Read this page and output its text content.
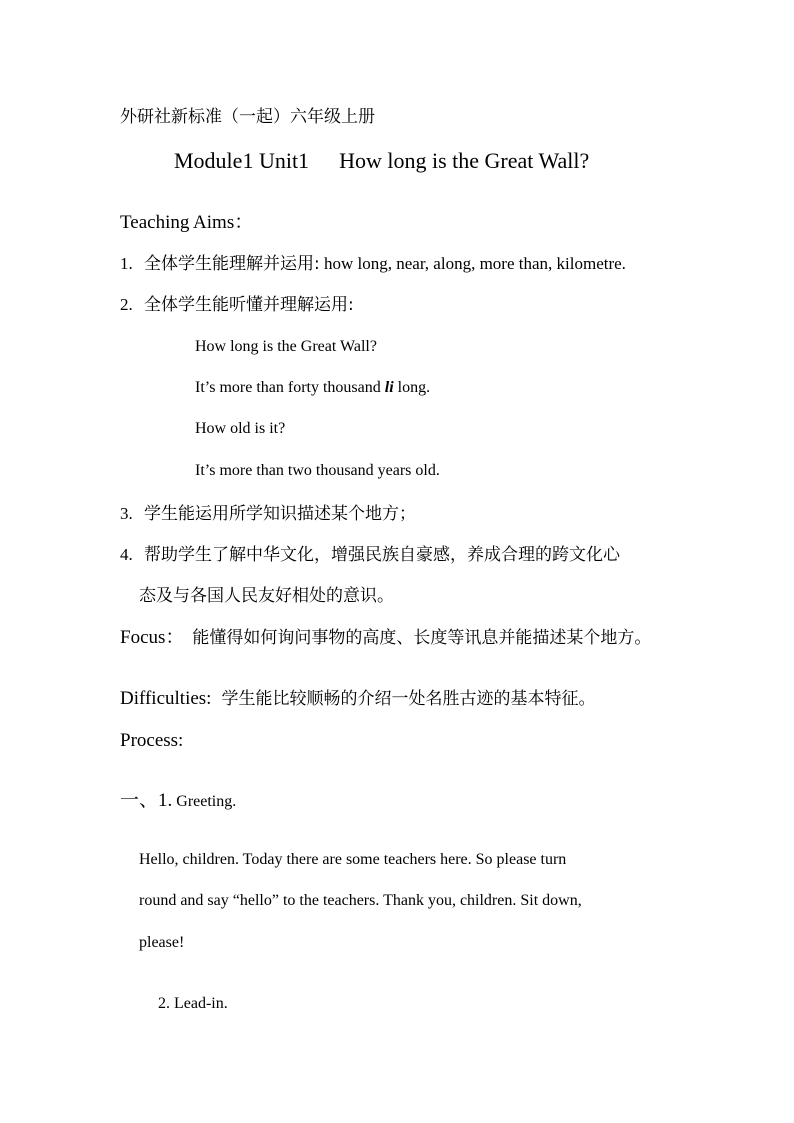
外研社新标准（一起）六年级上册
Module1 Unit1 How long is the Great Wall?
Teaching Aims：
1. 全体学生能理解并运用: how long, near, along, more than, kilometre.
2. 全体学生能听懂并理解运用:
How long is the Great Wall?
It’s more than forty thousand li long.
How old is it?
It’s more than two thousand years old.
3. 学生能运用所学知识描述某个地方；
4. 帮助学生了解中华文化，增强民族自豪感，养成合理的跨文化心
态及与各国人民友好相处的意识。
Focus： 能懂得如何询问事物的高度、长度等讯息并能描述某个地方。
Difficulties: 学生能比较顺畅的介绍一处名胜古迹的基本特征。
Process:
一、1. Greeting.
Hello, children. Today there are some teachers here. So please turn
round and say “hello” to the teachers. Thank you, children. Sit down,
please!
2. Lead-in.
